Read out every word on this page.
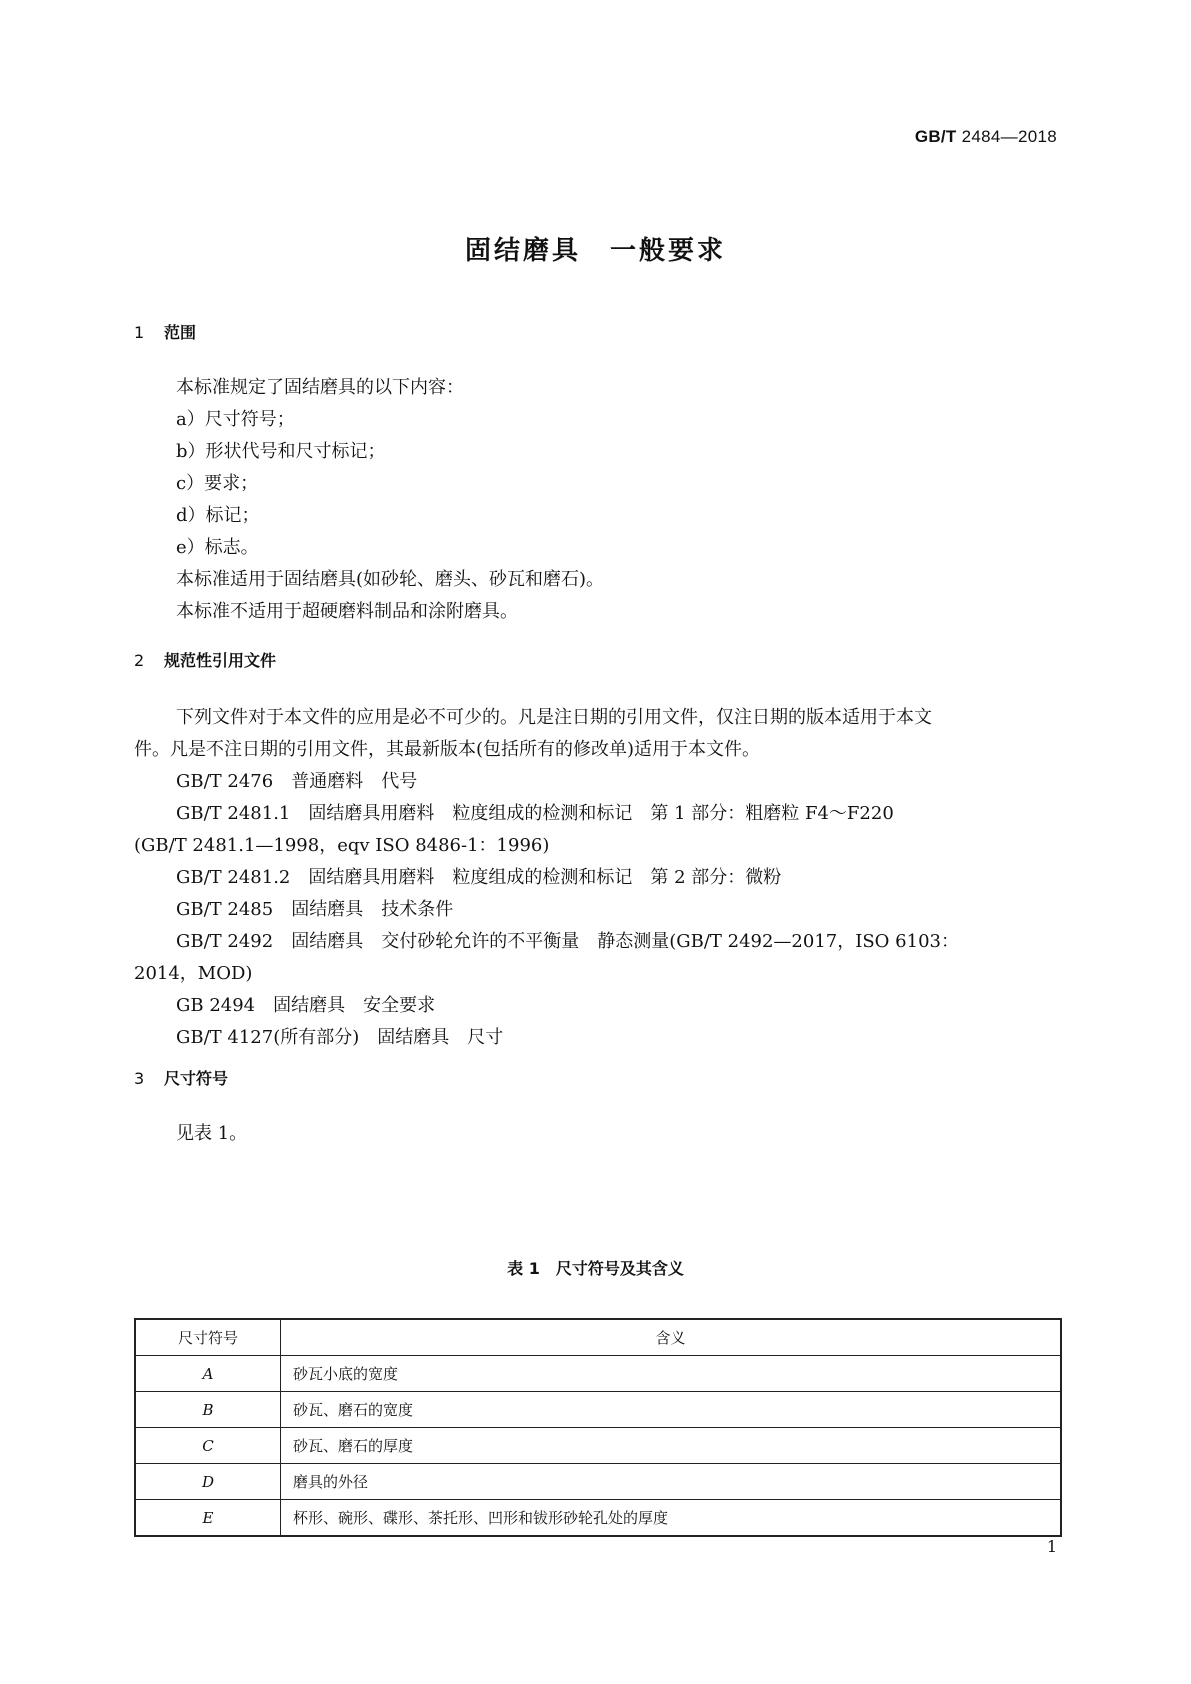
GB/T 2484—2018
固结磨具　一般要求
1 范围
本标准规定了固结磨具的以下内容：
a）尺寸符号；
b）形状代号和尺寸标记；
c）要求；
d）标记；
e）标志。
本标准适用于固结磨具(如砂轮、磨头、砂瓦和磨石)。
本标准不适用于超硬磨料制品和涂附磨具。
2 规范性引用文件
下列文件对于本文件的应用是必不可少的。凡是注日期的引用文件，仅注日期的版本适用于本文
件。凡是不注日期的引用文件，其最新版本(包括所有的修改单)适用于本文件。
GB/T 2476　普通磨料　代号
GB/T 2481.1　固结磨具用磨料　粒度组成的检测和标记　第 1 部分：粗磨粒 F4～F220
(GB/T 2481.1—1998，eqv ISO 8486-1：1996)
GB/T 2481.2　固结磨具用磨料　粒度组成的检测和标记　第 2 部分：微粉
GB/T 2485　固结磨具　技术条件
GB/T 2492　固结磨具　交付砂轮允许的不平衡量　静态测量(GB/T 2492—2017，ISO 6103：
2014，MOD)
GB 2494　固结磨具　安全要求
GB/T 4127(所有部分)　固结磨具　尺寸
3 尺寸符号
见表 1。
表 1　尺寸符号及其含义
尺寸符号	含义
A	砂瓦小底的宽度
B	砂瓦、磨石的宽度
C	砂瓦、磨石的厚度
D	磨具的外径
E	杯形、碗形、碟形、茶托形、凹形和钹形砂轮孔处的厚度
1
